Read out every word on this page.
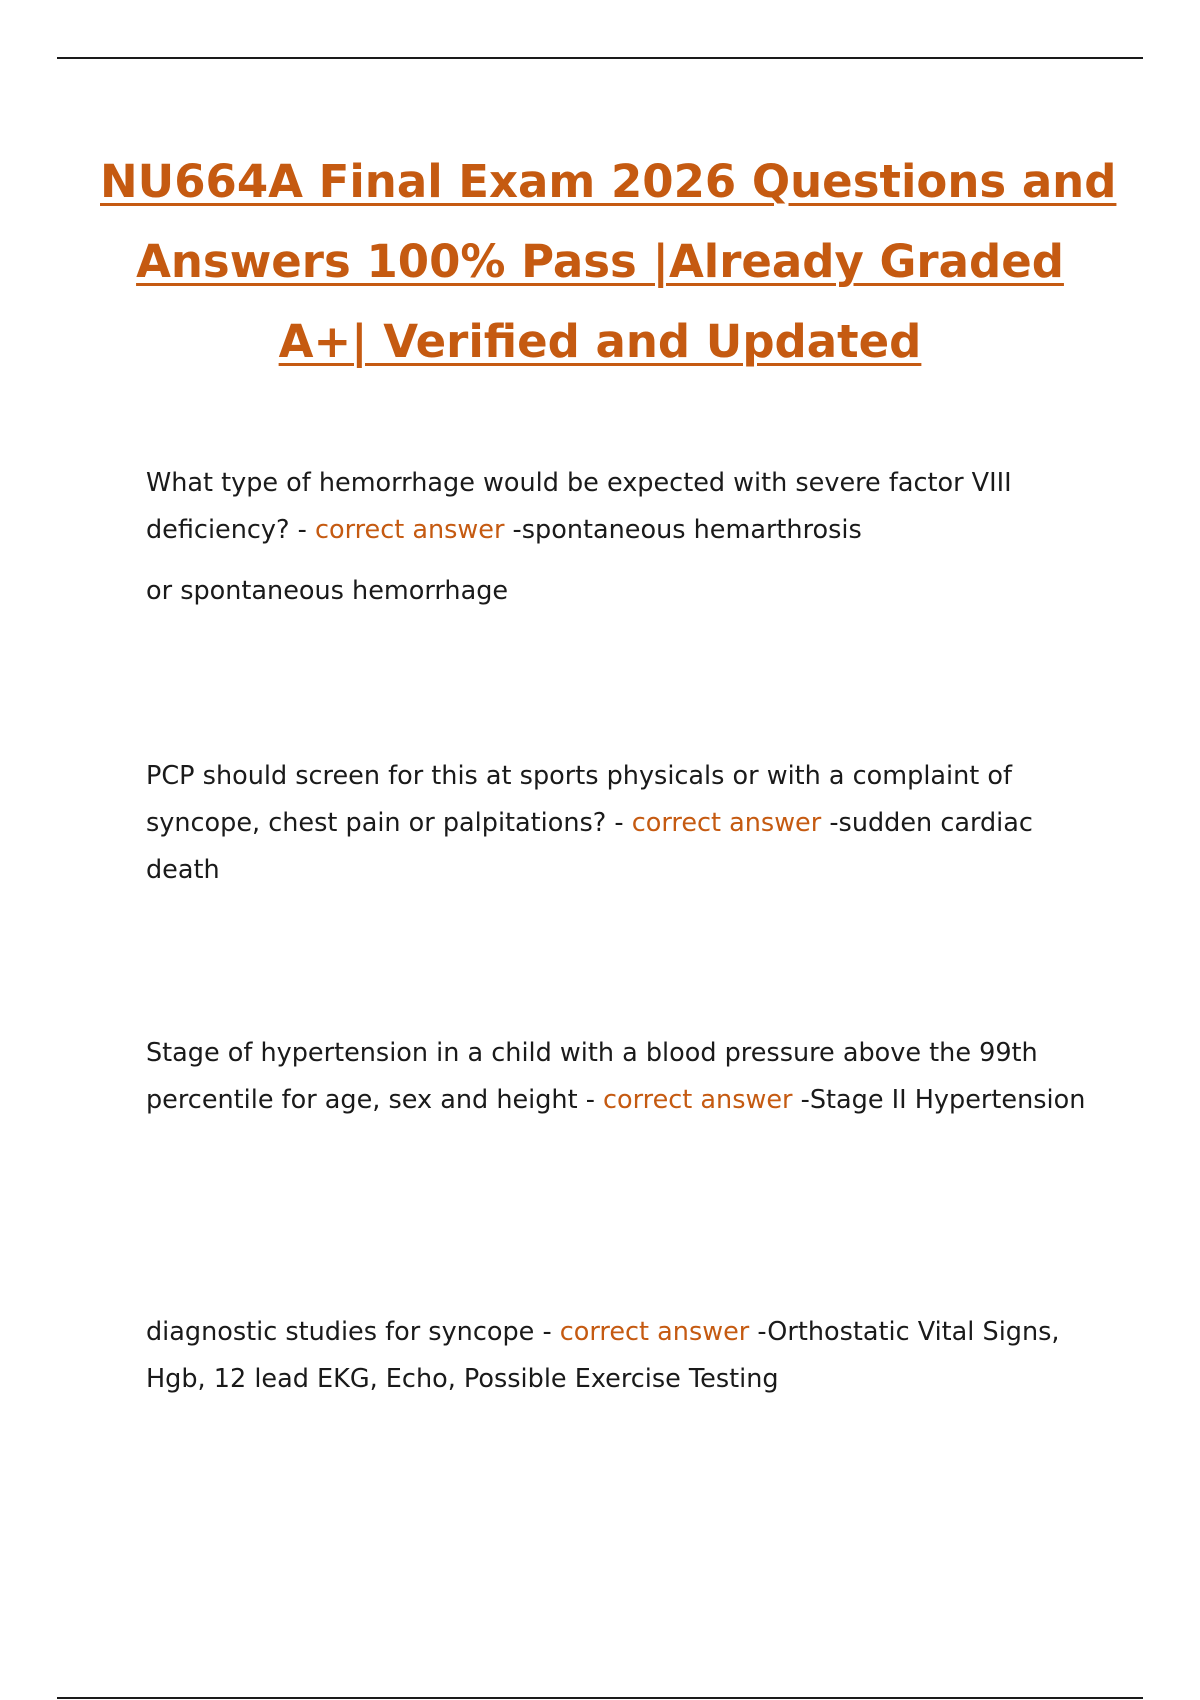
NU664A Final Exam 2026 Questions and
Answers 100% Pass |Already Graded
A+| Verified and Updated
What type of hemorrhage would be expected with severe factor VIII deficiency? - correct answer -spontaneous hemarthrosis
or spontaneous hemorrhage
PCP should screen for this at sports physicals or with a complaint of syncope, chest pain or palpitations? - correct answer -sudden cardiac death
Stage of hypertension in a child with a blood pressure above the 99th percentile for age, sex and height - correct answer -Stage II Hypertension
diagnostic studies for syncope - correct answer -Orthostatic Vital Signs, Hgb, 12 lead EKG, Echo, Possible Exercise Testing
